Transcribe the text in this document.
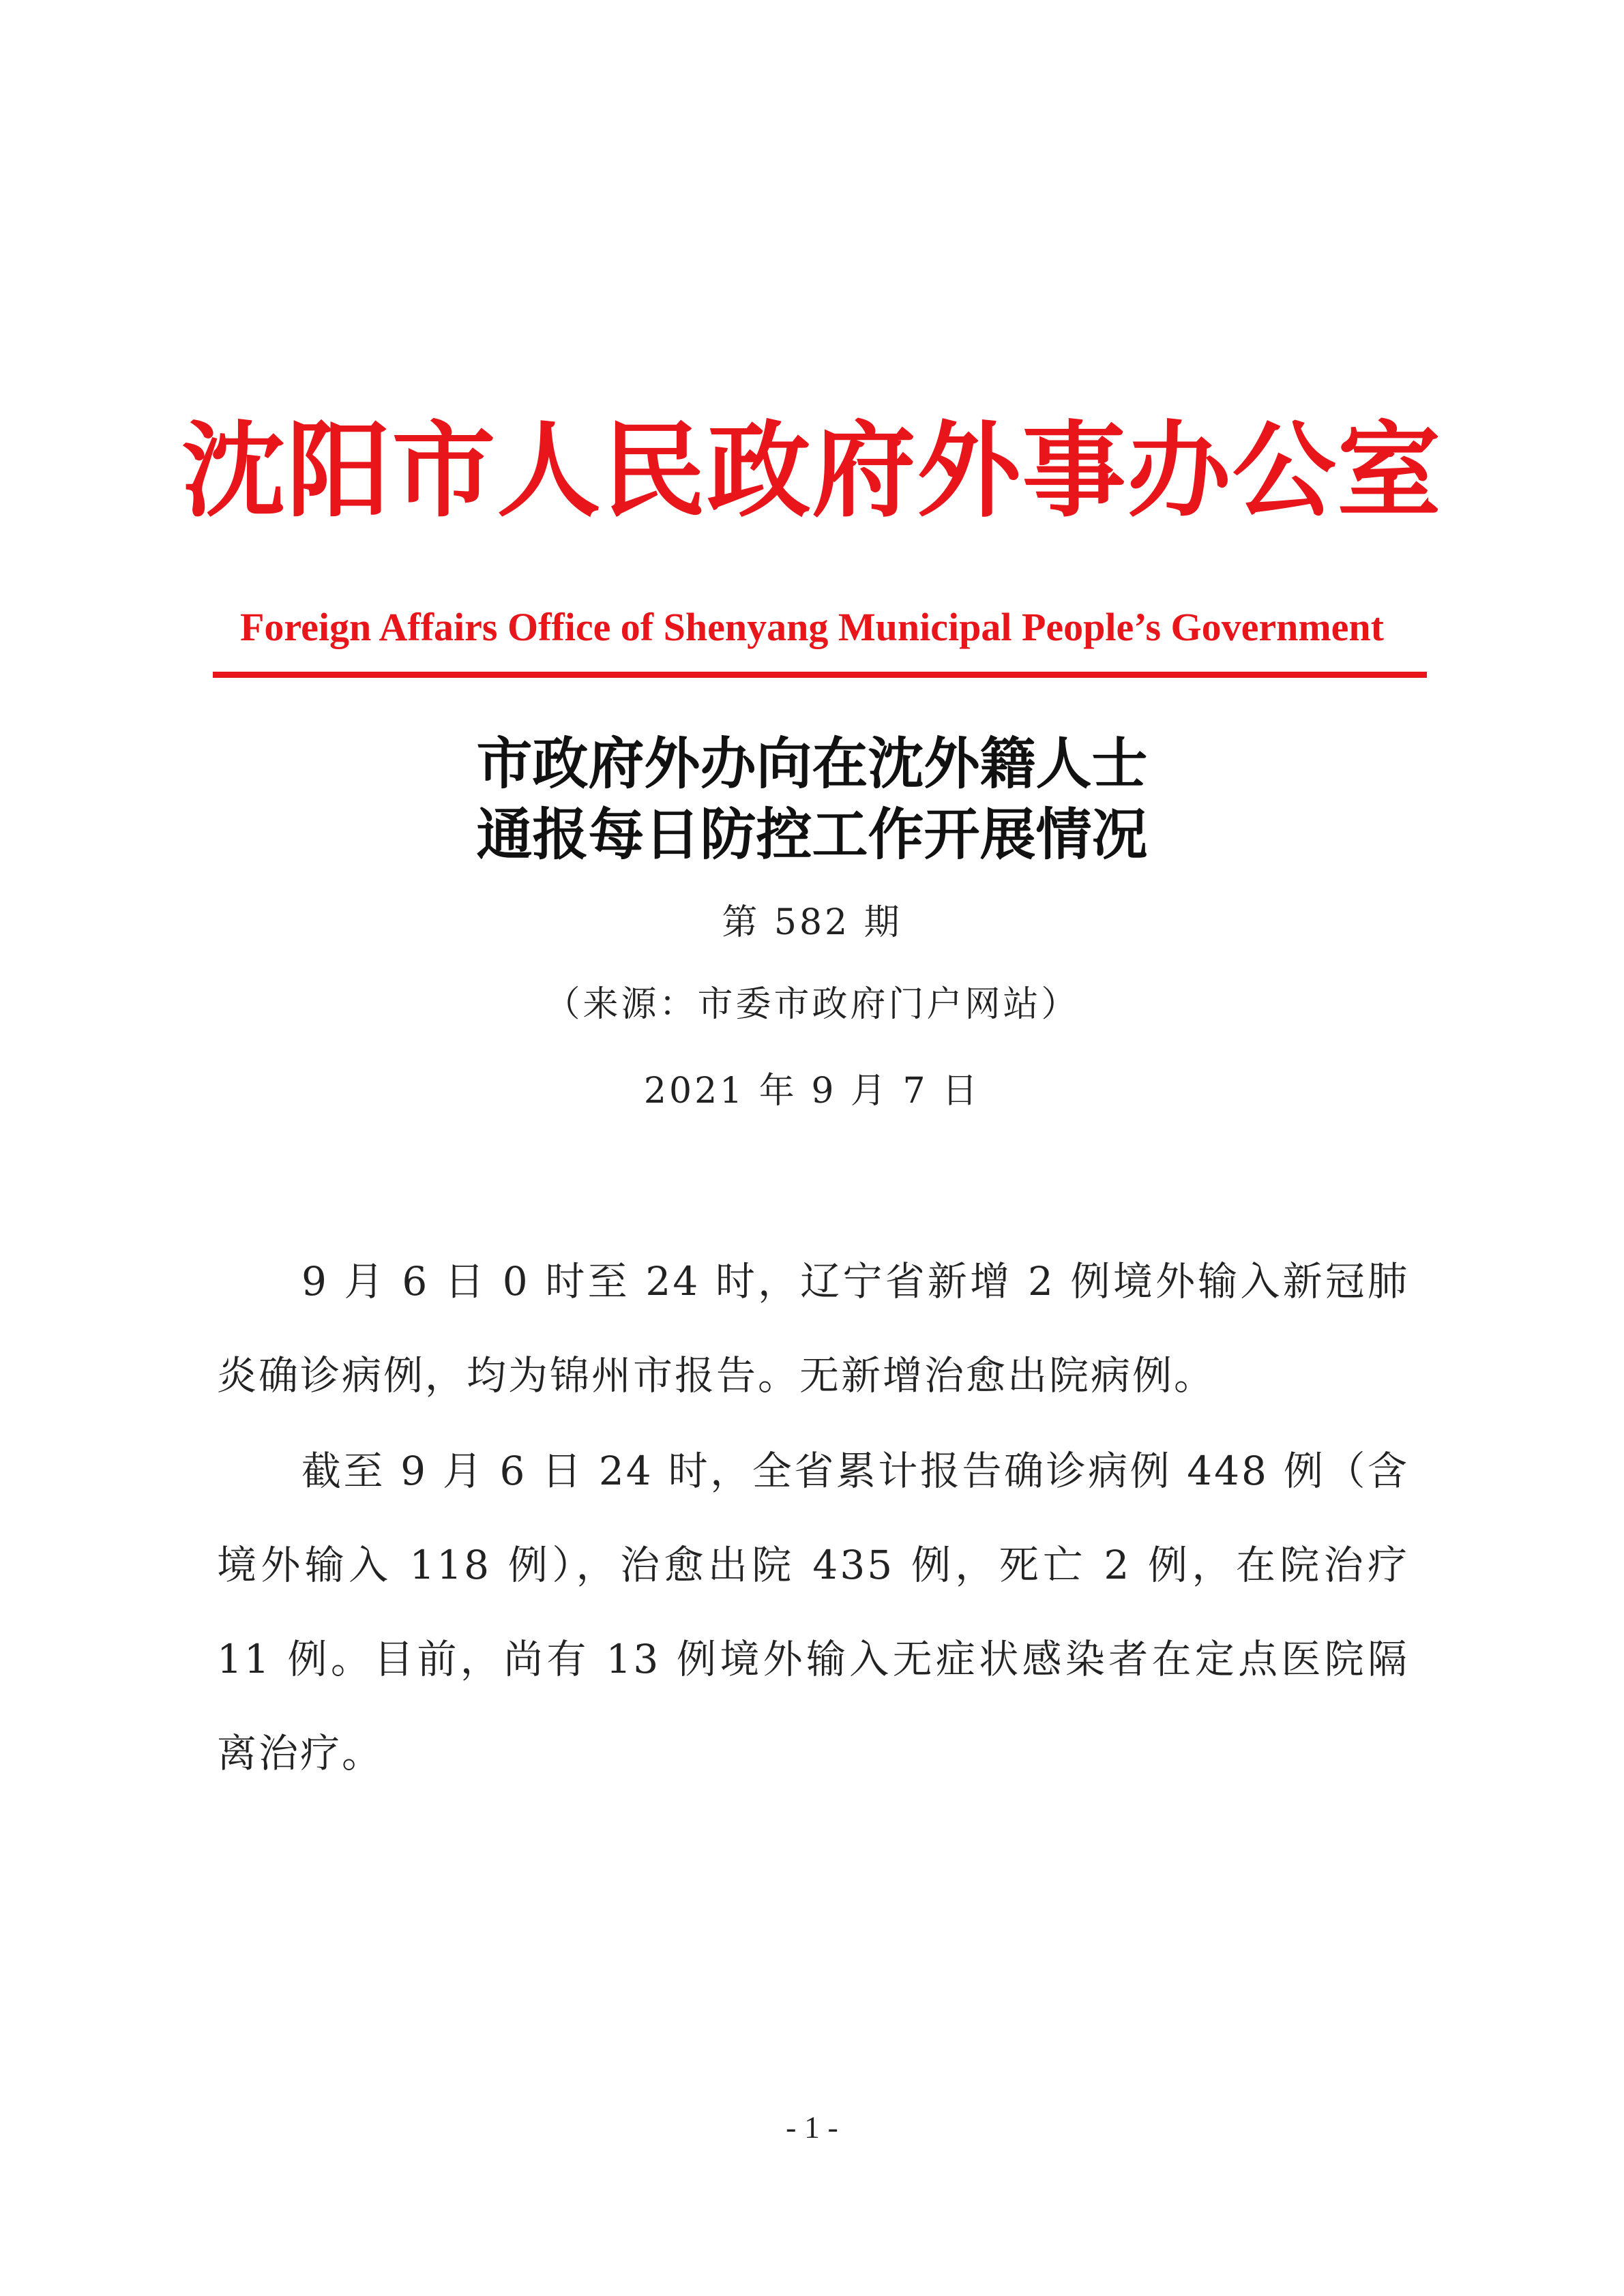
沈阳市人民政府外事办公室
Foreign Affairs Office of Shenyang Municipal People’s Government
市政府外办向在沈外籍人士
通报每日防控工作开展情况
第 582 期
（来源：市委市政府门户网站）
2021 年 9 月 7 日

9 月 6 日 0 时至 24 时，辽宁省新增 2 例境外输入新冠肺炎确诊病例，均为锦州市报告。无新增治愈出院病例。

截至 9 月 6 日 24 时，全省累计报告确诊病例 448 例（含境外输入 118 例），治愈出院 435 例，死亡 2 例，在院治疗 11 例。目前，尚有 13 例境外输入无症状感染者在定点医院隔离治疗。

- 1 -
